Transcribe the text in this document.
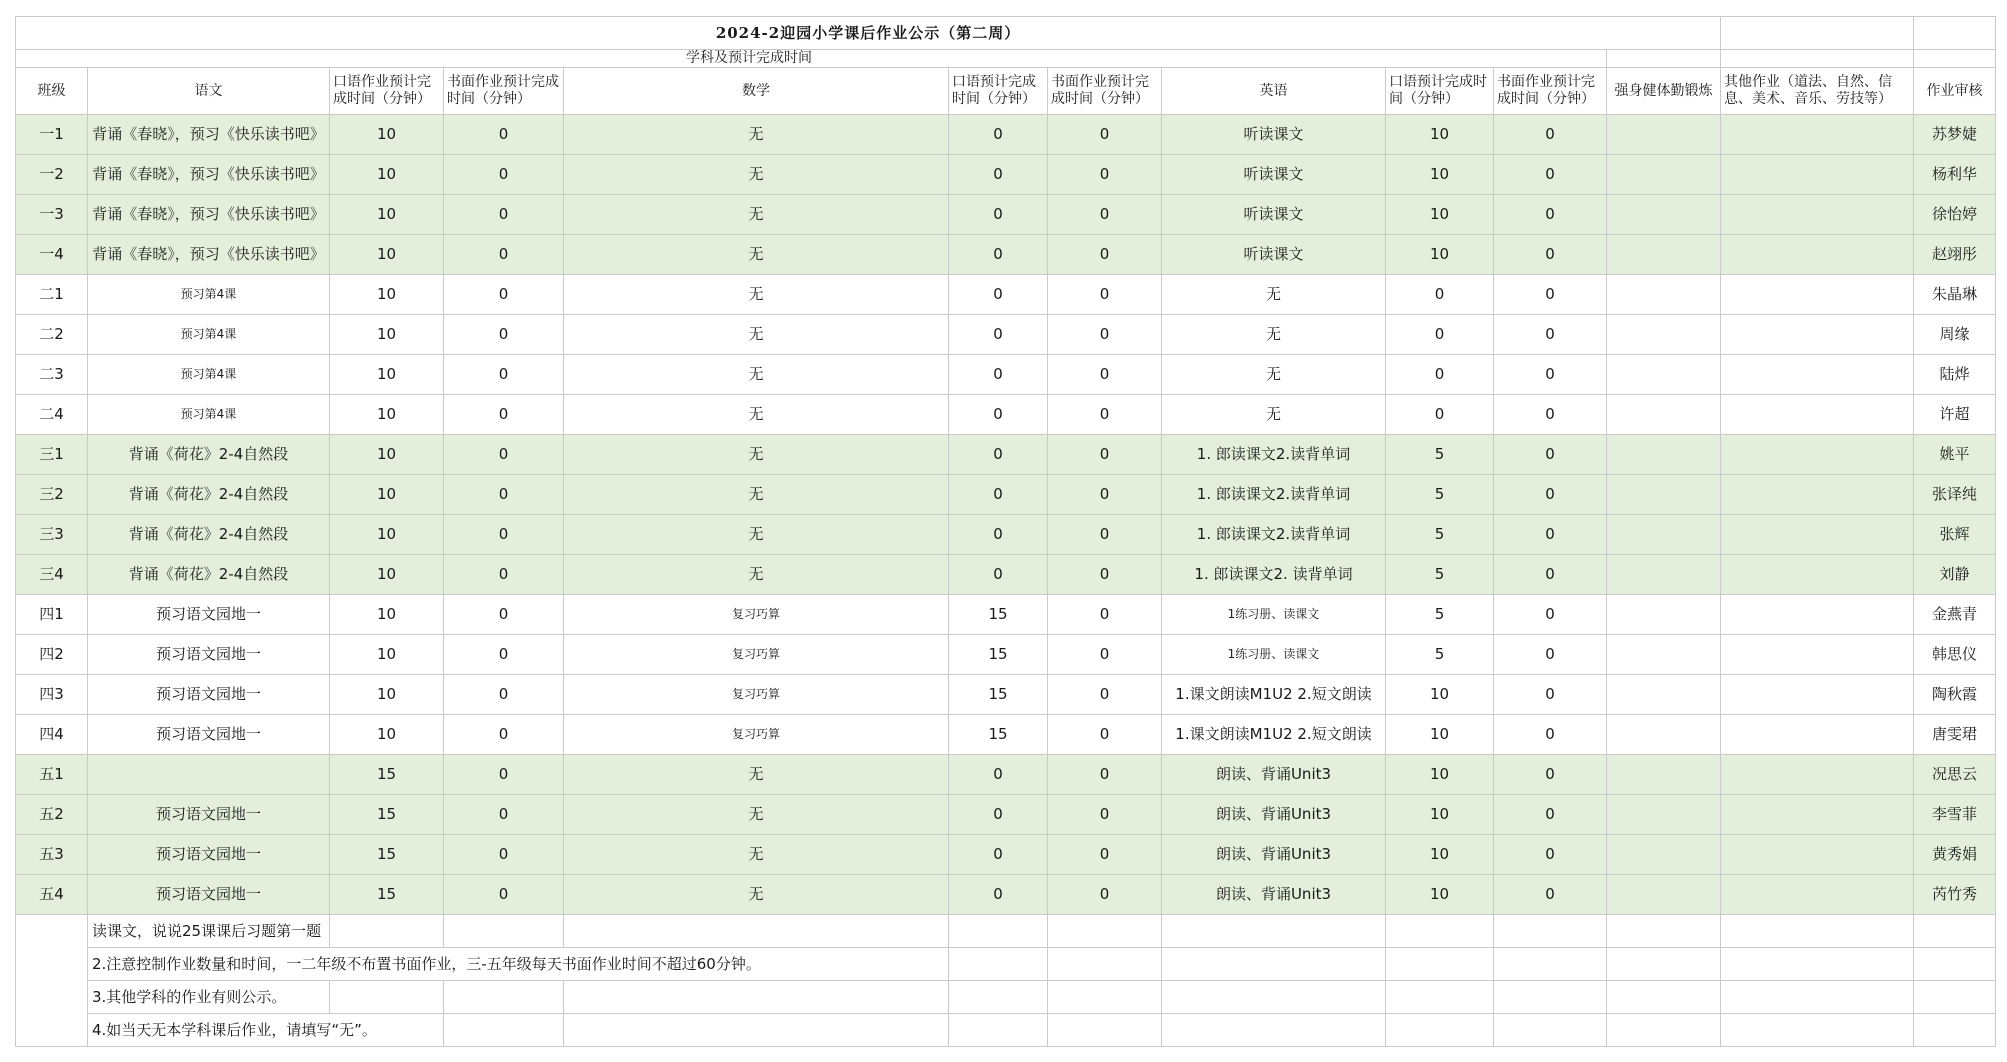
2024-2迎园小学课后作业公示（第二周）												
学科及预计完成时间												
班级	语文	口语作业预计完成时间（分钟）	书面作业预计完成时间（分钟）	数学	口语预计完成时间（分钟）	书面作业预计完成时间（分钟）	英语	口语预计完成时间（分钟）	书面作业预计完成时间（分钟）	强身健体勤锻炼	其他作业（道法、自然、信息、美术、音乐、劳技等）	作业审核
一1	背诵《春晓》，预习《快乐读书吧》	10	0	无	0	0	听读课文	10	0			苏梦婕
一2	背诵《春晓》，预习《快乐读书吧》	10	0	无	0	0	听读课文	10	0			杨利华
一3	背诵《春晓》，预习《快乐读书吧》	10	0	无	0	0	听读课文	10	0			徐怡婷
一4	背诵《春晓》，预习《快乐读书吧》	10	0	无	0	0	听读课文	10	0			赵翊彤
二1	预习第4课	10	0	无	0	0	无	0	0			朱晶琳
二2	预习第4课	10	0	无	0	0	无	0	0			周缘
二3	预习第4课	10	0	无	0	0	无	0	0			陆烨
二4	预习第4课	10	0	无	0	0	无	0	0			许超
三1	背诵《荷花》2-4自然段	10	0	无	0	0	1. 郎读课文2.读背单词	5	0			姚平
三2	背诵《荷花》2-4自然段	10	0	无	0	0	1. 郎读课文2.读背单词	5	0			张译纯
三3	背诵《荷花》2-4自然段	10	0	无	0	0	1. 郎读课文2.读背单词	5	0			张辉
三4	背诵《荷花》2-4自然段	10	0	无	0	0	1. 郎读课文2. 读背单词	5	0			刘静
四1	预习语文园地一	10	0	复习巧算	15	0	1练习册、读课文	5	0			金燕青
四2	预习语文园地一	10	0	复习巧算	15	0	1练习册、读课文	5	0			韩思仪
四3	预习语文园地一	10	0	复习巧算	15	0	1.课文朗读M1U2 2.短文朗读	10	0			陶秋霞
四4	预习语文园地一	10	0	复习巧算	15	0	1.课文朗读M1U2 2.短文朗读	10	0			唐雯珺
五1		15	0	无	0	0	朗读、背诵Unit3	10	0			况思云
五2	预习语文园地一	15	0	无	0	0	朗读、背诵Unit3	10	0			李雪菲
五3	预习语文园地一	15	0	无	0	0	朗读、背诵Unit3	10	0			黄秀娟
五4	预习语文园地一	15	0	无	0	0	朗读、背诵Unit3	10	0			芮竹秀
	读课文，说说25课课后习题第一题											
	2.注意控制作业数量和时间，一二年级不布置书面作业，三-五年级每天书面作业时间不超过60分钟。											
	3.其他学科的作业有则公示。											
	4.如当天无本学科课后作业，请填写“无”。											
